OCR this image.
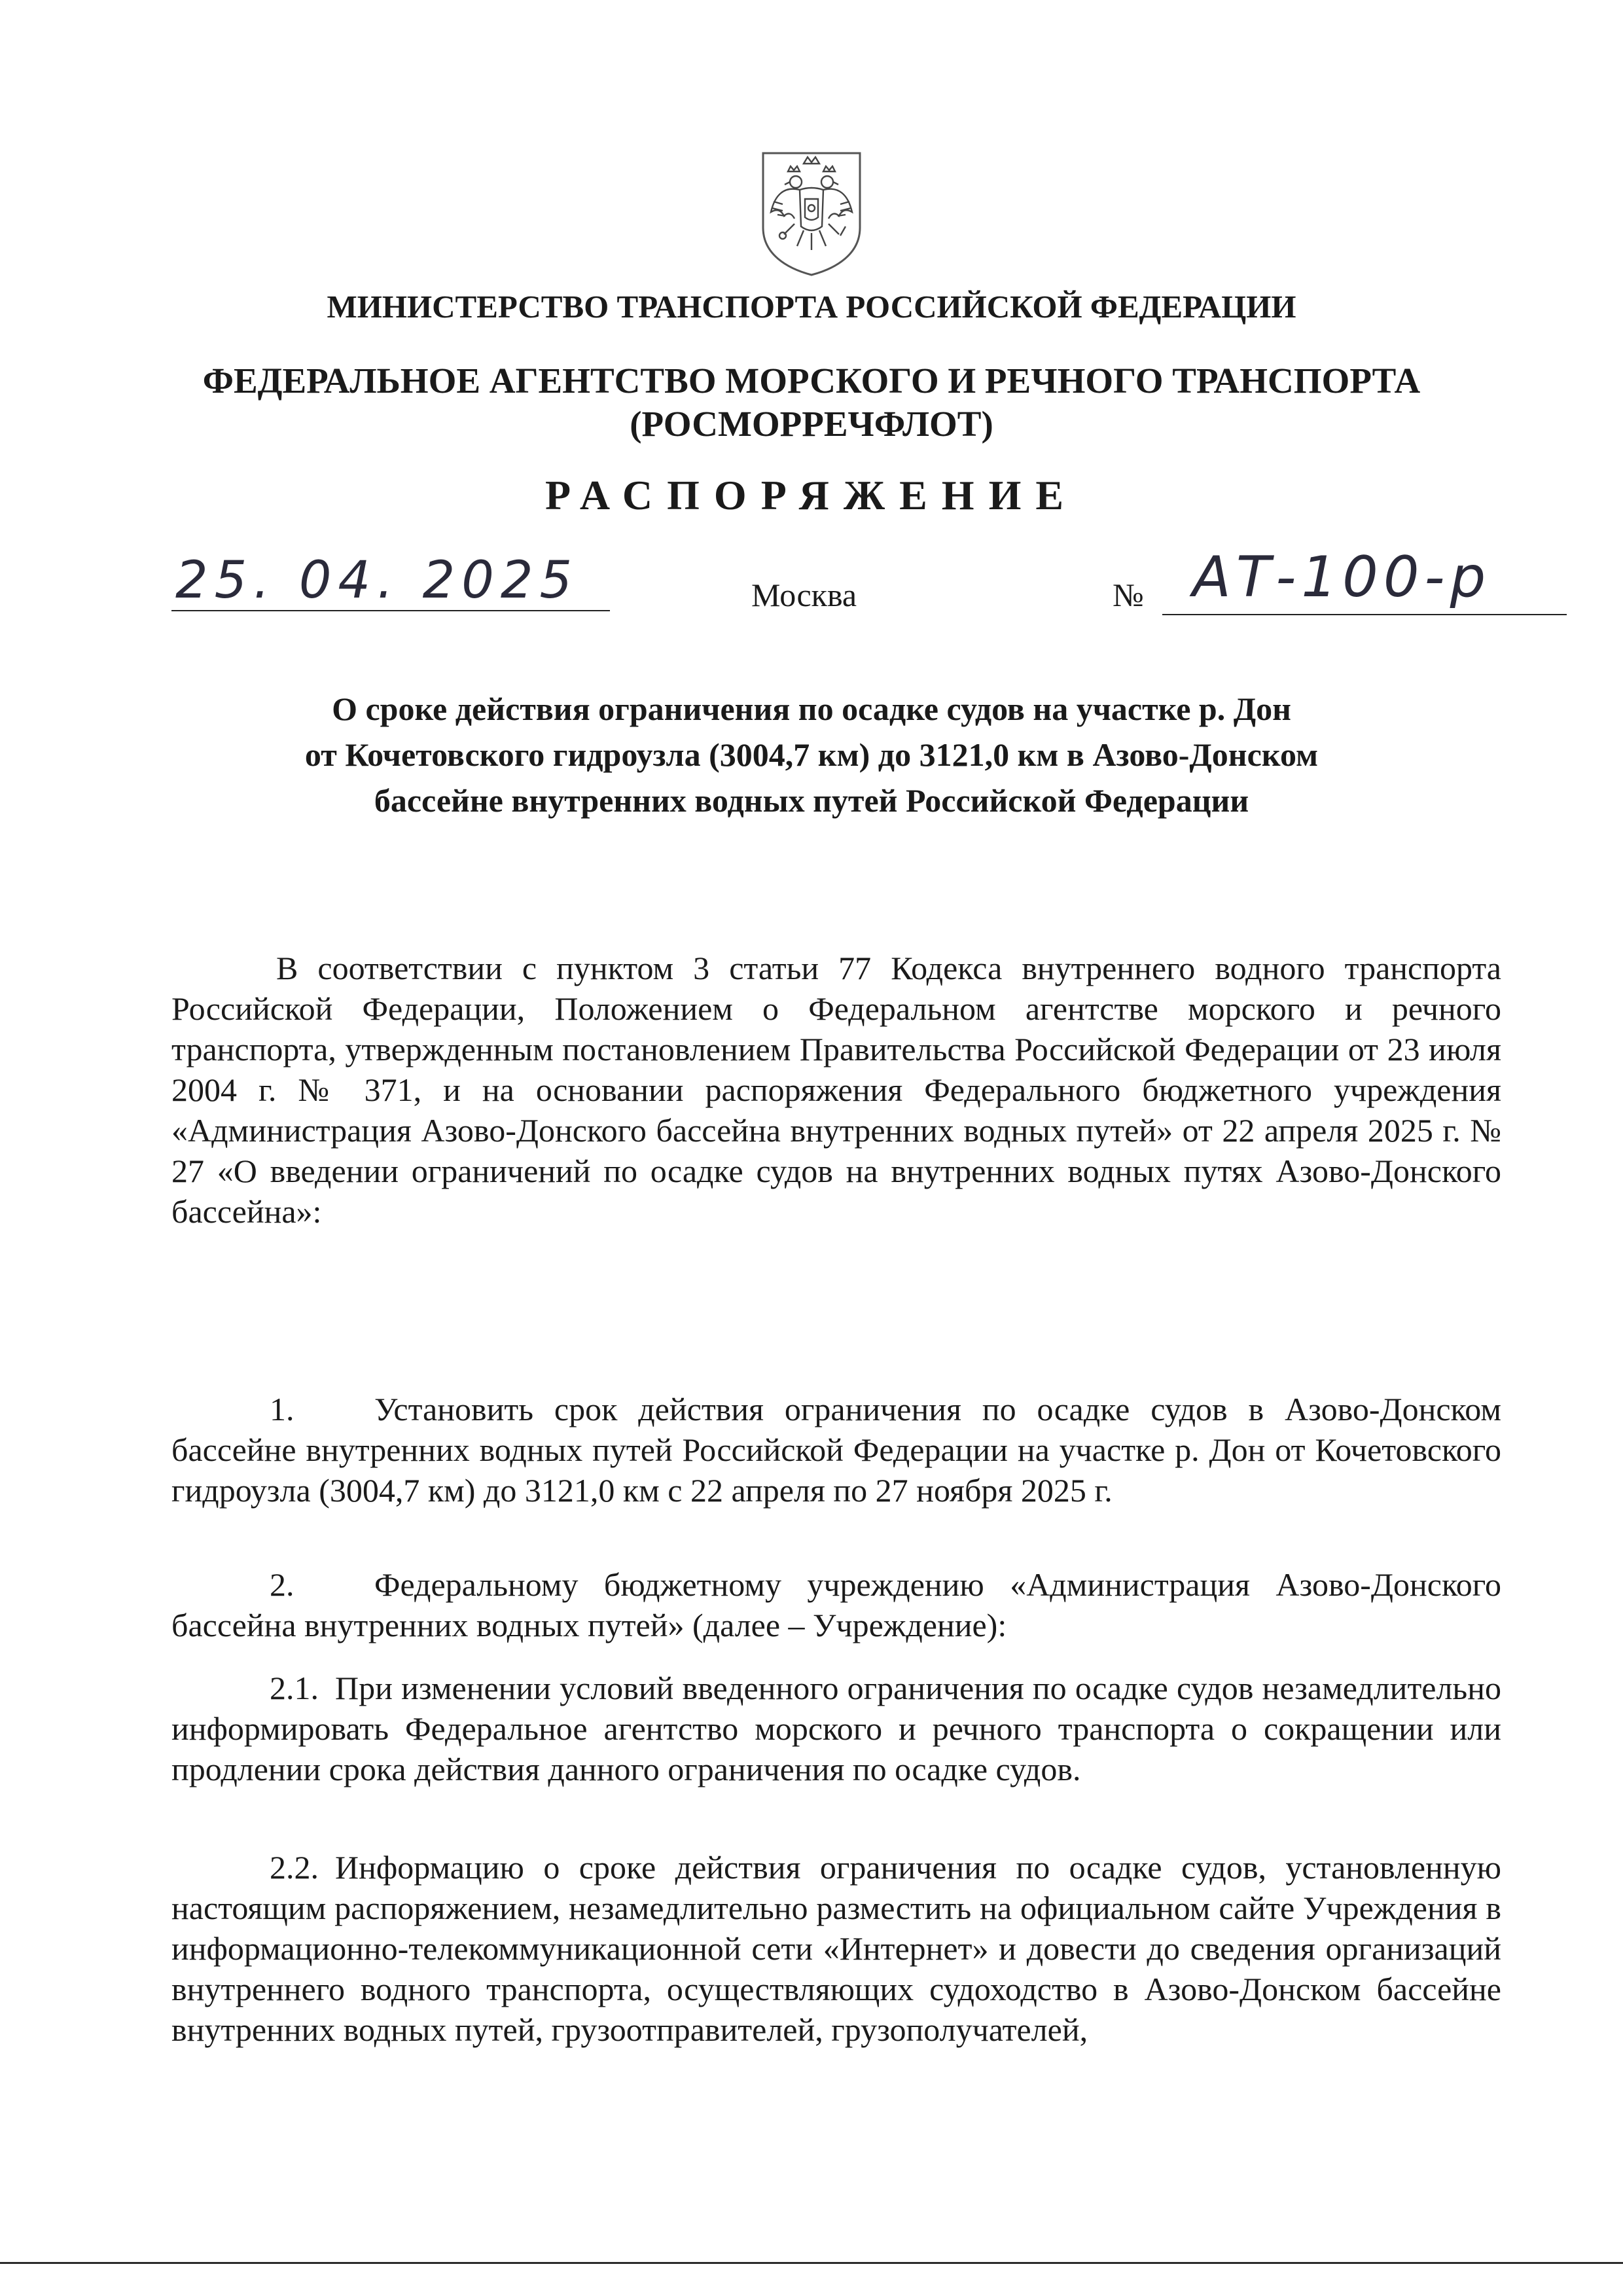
МИНИСТЕРСТВО ТРАНСПОРТА РОССИЙСКОЙ ФЕДЕРАЦИИ
ФЕДЕРАЛЬНОЕ АГЕНТСТВО МОРСКОГО И РЕЧНОГО ТРАНСПОРТА
(РОСМОРРЕЧФЛОТ)
РАСПОРЯЖЕНИЕ
25. 04. 2025	Москва	№ АТ-100-р
О сроке действия ограничения по осадке судов на участке р. Дон
от Кочетовского гидроузла (3004,7 км) до 3121,0 км в Азово-Донском
бассейне внутренних водных путей Российской Федерации
В соответствии с пунктом 3 статьи 77 Кодекса внутреннего водного транспорта Российской Федерации, Положением о Федеральном агентстве морского и речного транспорта, утвержденным постановлением Правительства Российской Федерации от 23 июля 2004 г. № 371, и на основании распоряжения Федерального бюджетного учреждения «Администрация Азово-Донского бассейна внутренних водных путей» от 22 апреля 2025 г. № 27 «О введении ограничений по осадке судов на внутренних водных путях Азово-Донского бассейна»:
1. Установить срок действия ограничения по осадке судов в Азово-Донском бассейне внутренних водных путей Российской Федерации на участке р. Дон от Кочетовского гидроузла (3004,7 км) до 3121,0 км с 22 апреля по 27 ноября 2025 г.
2. Федеральному бюджетному учреждению «Администрация Азово-Донского бассейна внутренних водных путей» (далее – Учреждение):
2.1. При изменении условий введенного ограничения по осадке судов незамедлительно информировать Федеральное агентство морского и речного транспорта о сокращении или продлении срока действия данного ограничения по осадке судов.
2.2. Информацию о сроке действия ограничения по осадке судов, установленную настоящим распоряжением, незамедлительно разместить на официальном сайте Учреждения в информационно-телекоммуникационной сети «Интернет» и довести до сведения организаций внутреннего водного транспорта, осуществляющих судоходство в Азово-Донском бассейне внутренних водных путей, грузоотправителей, грузополучателей,
